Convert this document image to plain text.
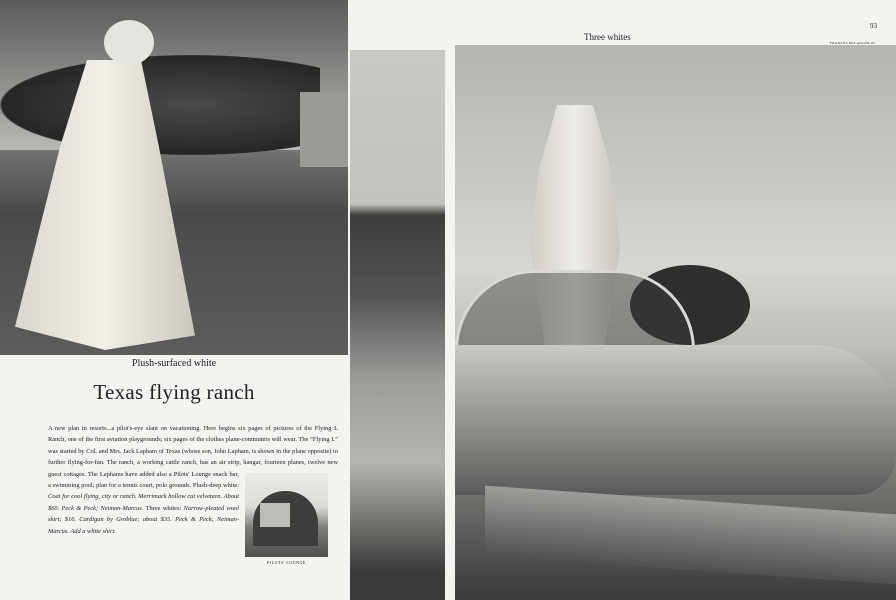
Plush-surfaced white
Texas flying ranch
PILOTS' LOUNGE
A new plan in resorts...a pilot's-eye slant on vacationing. Here begins six pages of pictures of the Flying L Ranch, one of the first aviation playgrounds; six pages of the clothes plane-commuters will wear. The “Flying L” was started by Col. and Mrs. Jack Lapham of Texas (whose son, John Lapham, is shown in the plane opposite) to further flying-for-fun. The ranch, a working cattle ranch, has an air strip, hangar, fourteen planes, twelve new guest cottages. The Laphams have added also a Pilots' Lounge snack bar, a swimming pool; plan for a tennis court, polo grounds. Plush-deep white: Coat for cool flying, city or ranch. Merrimack hollow cut velveteen. About $60. Peck & Peck; Neiman-Marcus. Three whites: Narrow-pleated wool skirt; $16. Cardigan by Groblue; about $35. Peck & Peck; Neiman-Marcus. Add a white shirt.
Three whites
93
FRANCES McLAUGHLIN
